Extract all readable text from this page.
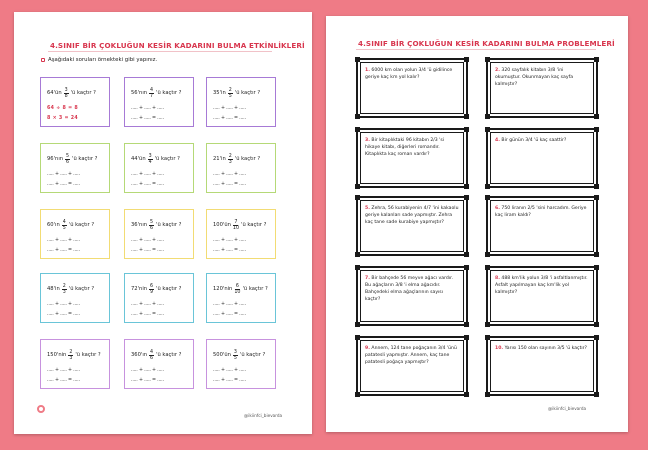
4.SINIF BİR ÇOKLUĞUN KESİR KADARINI BULMA ETKİNLİKLERİ
Aşağıdaki soruları örnekteki gibi yapınız.
64'ün $\frac{3}{8}$ 'ü kaçtır ?
64 ÷ 8 = 8
8 × 3 = 24
56'nın $\frac{4}{7}$ 'ü kaçtır ?
..... + ..... + .....
..... + ..... = .....
$35'in \frac{2}{5}$ 'ü kaçtır ?
..... + ..... + .....
..... + ..... = .....
96'nın $\frac{5}{6}$ 'ü kaçtır ?
..... + ..... + .....
..... + ..... = .....
44'ün $\frac{3}{4}$ 'ü kaçtır ?
..... + ..... + .....
..... + ..... = .....
$21'in \frac{2}{3}$ 'ü kaçtır ?
..... + ..... + .....
..... + ..... = .....
60'ın $\frac{4}{5}$ 'ü kaçtır ?
..... + ..... + .....
..... + ..... = .....
36'nın $\frac{5}{6}$ 'ü kaçtır ?
..... + ..... + .....
..... + ..... = .....
100'ün $\frac{7}{10}$ 'ü kaçtır ?
..... + ..... + .....
..... + ..... = .....
$48'in \frac{2}{3}$ 'ü kaçtır ?
..... + ..... + .....
..... + ..... = .....
$72'nin \frac{6}{9}$ 'ü kaçtır ?
..... + ..... + .....
..... + ..... = .....
$120'nin \frac{6}{10}$ 'ü kaçtır ?
..... + ..... + .....
..... + ..... = .....
$150'nin \frac{2}{3}$ 'ü kaçtır ?
..... + ..... + .....
..... + ..... = .....
360'ın $\frac{4}{6}$ 'ü kaçtır ?
..... + ..... + .....
..... + ..... = .....
500'ün $\frac{3}{5}$ 'ü kaçtır ?
..... + ..... + .....
..... + ..... = .....
@ikiinfci_bievarda
4.SINIF BİR ÇOKLUĞUN KESİR KADARINI BULMA PROBLEMLERİ
1. 6000 km olan yolun 3/4 'ü gidilince geriye kaç km yol kalır?
2. 320 sayfalık kitabın 3/8 'ini okumuştur. Okunmayan kaç sayfa kalmıştır?
3. Bir kitaplıktaki 96 kitabın 2/3 'si hikaye kitabı, diğerleri romandır. Kitaplıkta kaç roman vardır?
4. Bir günün 3/4 'ü kaç saattir?
5. Zehra, 56 kurabiyenin 4/7 'ini kakaolu geriye kalanları sade yapmıştır. Zehra kaç tane sade kurabiye yapmıştır?
6. 750 liranın 2/5 'sini harcadım. Geriye kaç liram kaldı?
7. Bir bahçede 56 meyve ağacı vardır. Bu ağaçların 3/8 'i elma ağacıdır. Bahçedeki elma ağaçlarının sayısı kaçtır?
8. 488 km'lik yolun 3/8 'i asfaltlanmıştır. Asfalt yapılmayan kaç km'lik yol kalmıştır?
9. Annem, 124 tane poğaçanın 3/4 'ünü patatesli yapmıştır. Annem, kaç tane patatesli poğaça yapmıştır?
10. Yarısı 150 olan sayının 3/5 'ü kaçtır?
@ikiinfci_bievarda
EDUHOL
